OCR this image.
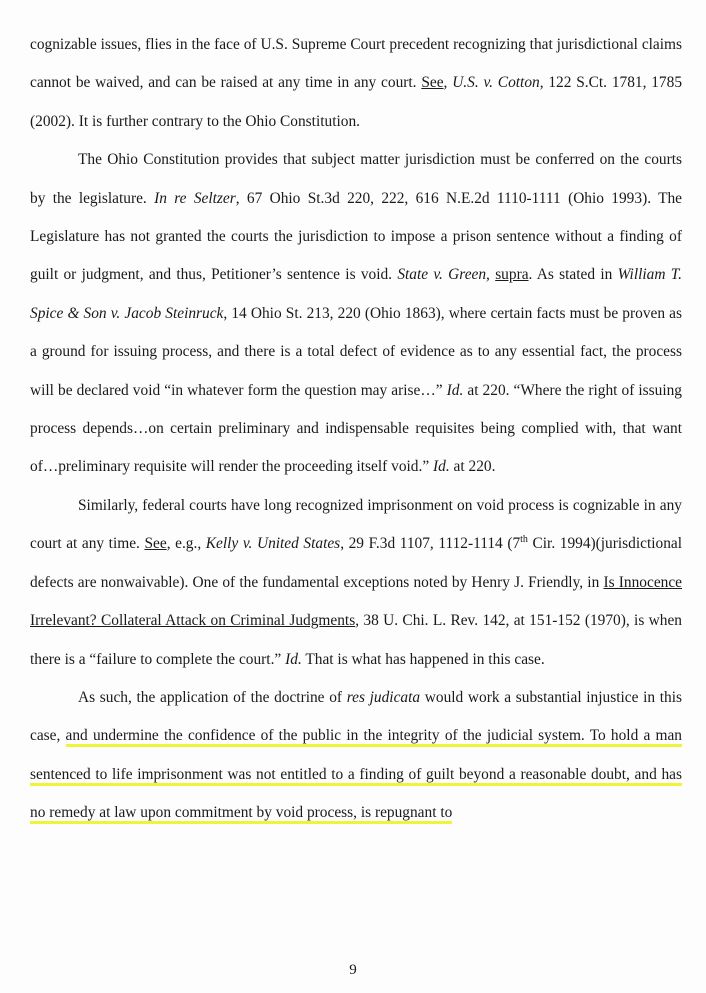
cognizable issues, flies in the face of U.S. Supreme Court precedent recognizing that jurisdictional claims cannot be waived, and can be raised at any time in any court. See, U.S. v. Cotton, 122 S.Ct. 1781, 1785 (2002). It is further contrary to the Ohio Constitution.

The Ohio Constitution provides that subject matter jurisdiction must be conferred on the courts by the legislature. In re Seltzer, 67 Ohio St.3d 220, 222, 616 N.E.2d 1110-1111 (Ohio 1993). The Legislature has not granted the courts the jurisdiction to impose a prison sentence without a finding of guilt or judgment, and thus, Petitioner’s sentence is void. State v. Green, supra. As stated in William T. Spice & Son v. Jacob Steinruck, 14 Ohio St. 213, 220 (Ohio 1863), where certain facts must be proven as a ground for issuing process, and there is a total defect of evidence as to any essential fact, the process will be declared void “in whatever form the question may arise…” Id. at 220. “Where the right of issuing process depends…on certain preliminary and indispensable requisites being complied with, that want of…preliminary requisite will render the proceeding itself void.” Id. at 220.

Similarly, federal courts have long recognized imprisonment on void process is cognizable in any court at any time. See, e.g., Kelly v. United States, 29 F.3d 1107, 1112-1114 (7th Cir. 1994)(jurisdictional defects are nonwaivable). One of the fundamental exceptions noted by Henry J. Friendly, in Is Innocence Irrelevant? Collateral Attack on Criminal Judgments, 38 U. Chi. L. Rev. 142, at 151-152 (1970), is when there is a “failure to complete the court.” Id. That is what has happened in this case.

As such, the application of the doctrine of res judicata would work a substantial injustice in this case, and undermine the confidence of the public in the integrity of the judicial system. To hold a man sentenced to life imprisonment was not entitled to a finding of guilt beyond a reasonable doubt, and has no remedy at law upon commitment by void process, is repugnant to

9
